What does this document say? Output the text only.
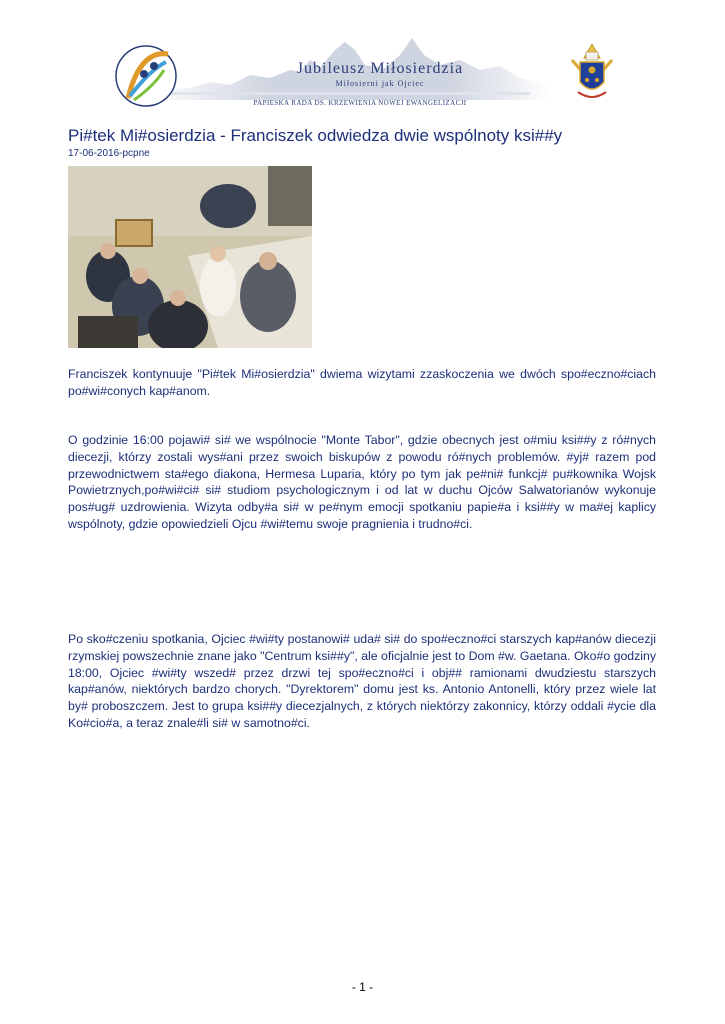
Jubileusz Miłosierdzia
Miłosierni jak Ojciec
PAPIESKA RADA DS. KRZEWIENIA NOWEJ EWANGELIZACJI
Pi#tek Mi#osierdzia - Franciszek odwiedza dwie wspólnoty ksi##y
17-06-2016-pcpne
Franciszek kontynuuje "Pi#tek Mi#osierdzia" dwiema wizytami zzaskoczenia we dwóch spo#eczno#ciach po#wi#conych kap#anom.
O godzinie 16:00 pojawi# si# we wspólnocie "Monte Tabor", gdzie obecnych jest o#miu ksi##y z ró#nych diecezji, którzy zostali wys#ani przez swoich biskupów z powodu ró#nych problemów. #yj# razem pod przewodnictwem sta#ego diakona, Hermesa Luparia, który po tym jak pe#ni# funkcj# pu#kownika Wojsk Powietrznych,po#wi#ci# si# studiom psychologicznym i od lat w duchu Ojców Salwatorianów wykonuje pos#ug# uzdrowienia. Wizyta odby#a si# w pe#nym emocji spotkaniu papie#a i ksi##y w ma#ej kaplicy wspólnoty, gdzie opowiedzieli Ojcu #wi#temu swoje pragnienia i trudno#ci.
Po sko#czeniu spotkania, Ojciec #wi#ty postanowi# uda# si# do spo#eczno#ci starszych kap#anów diecezji rzymskiej powszechnie znane jako "Centrum ksi##y", ale oficjalnie jest to Dom #w. Gaetana. Oko#o godziny 18:00, Ojciec #wi#ty wszed# przez drzwi tej spo#eczno#ci i obj## ramionami dwudziestu starszych kap#anów, niektórych bardzo chorych. "Dyrektorem" domu jest ks. Antonio Antonelli, który przez wiele lat by# proboszczem. Jest to grupa ksi##y diecezjalnych, z których niektórzy zakonnicy, którzy oddali #ycie dla Ko#cio#a, a teraz znale#li si# w samotno#ci.
- 1 -
